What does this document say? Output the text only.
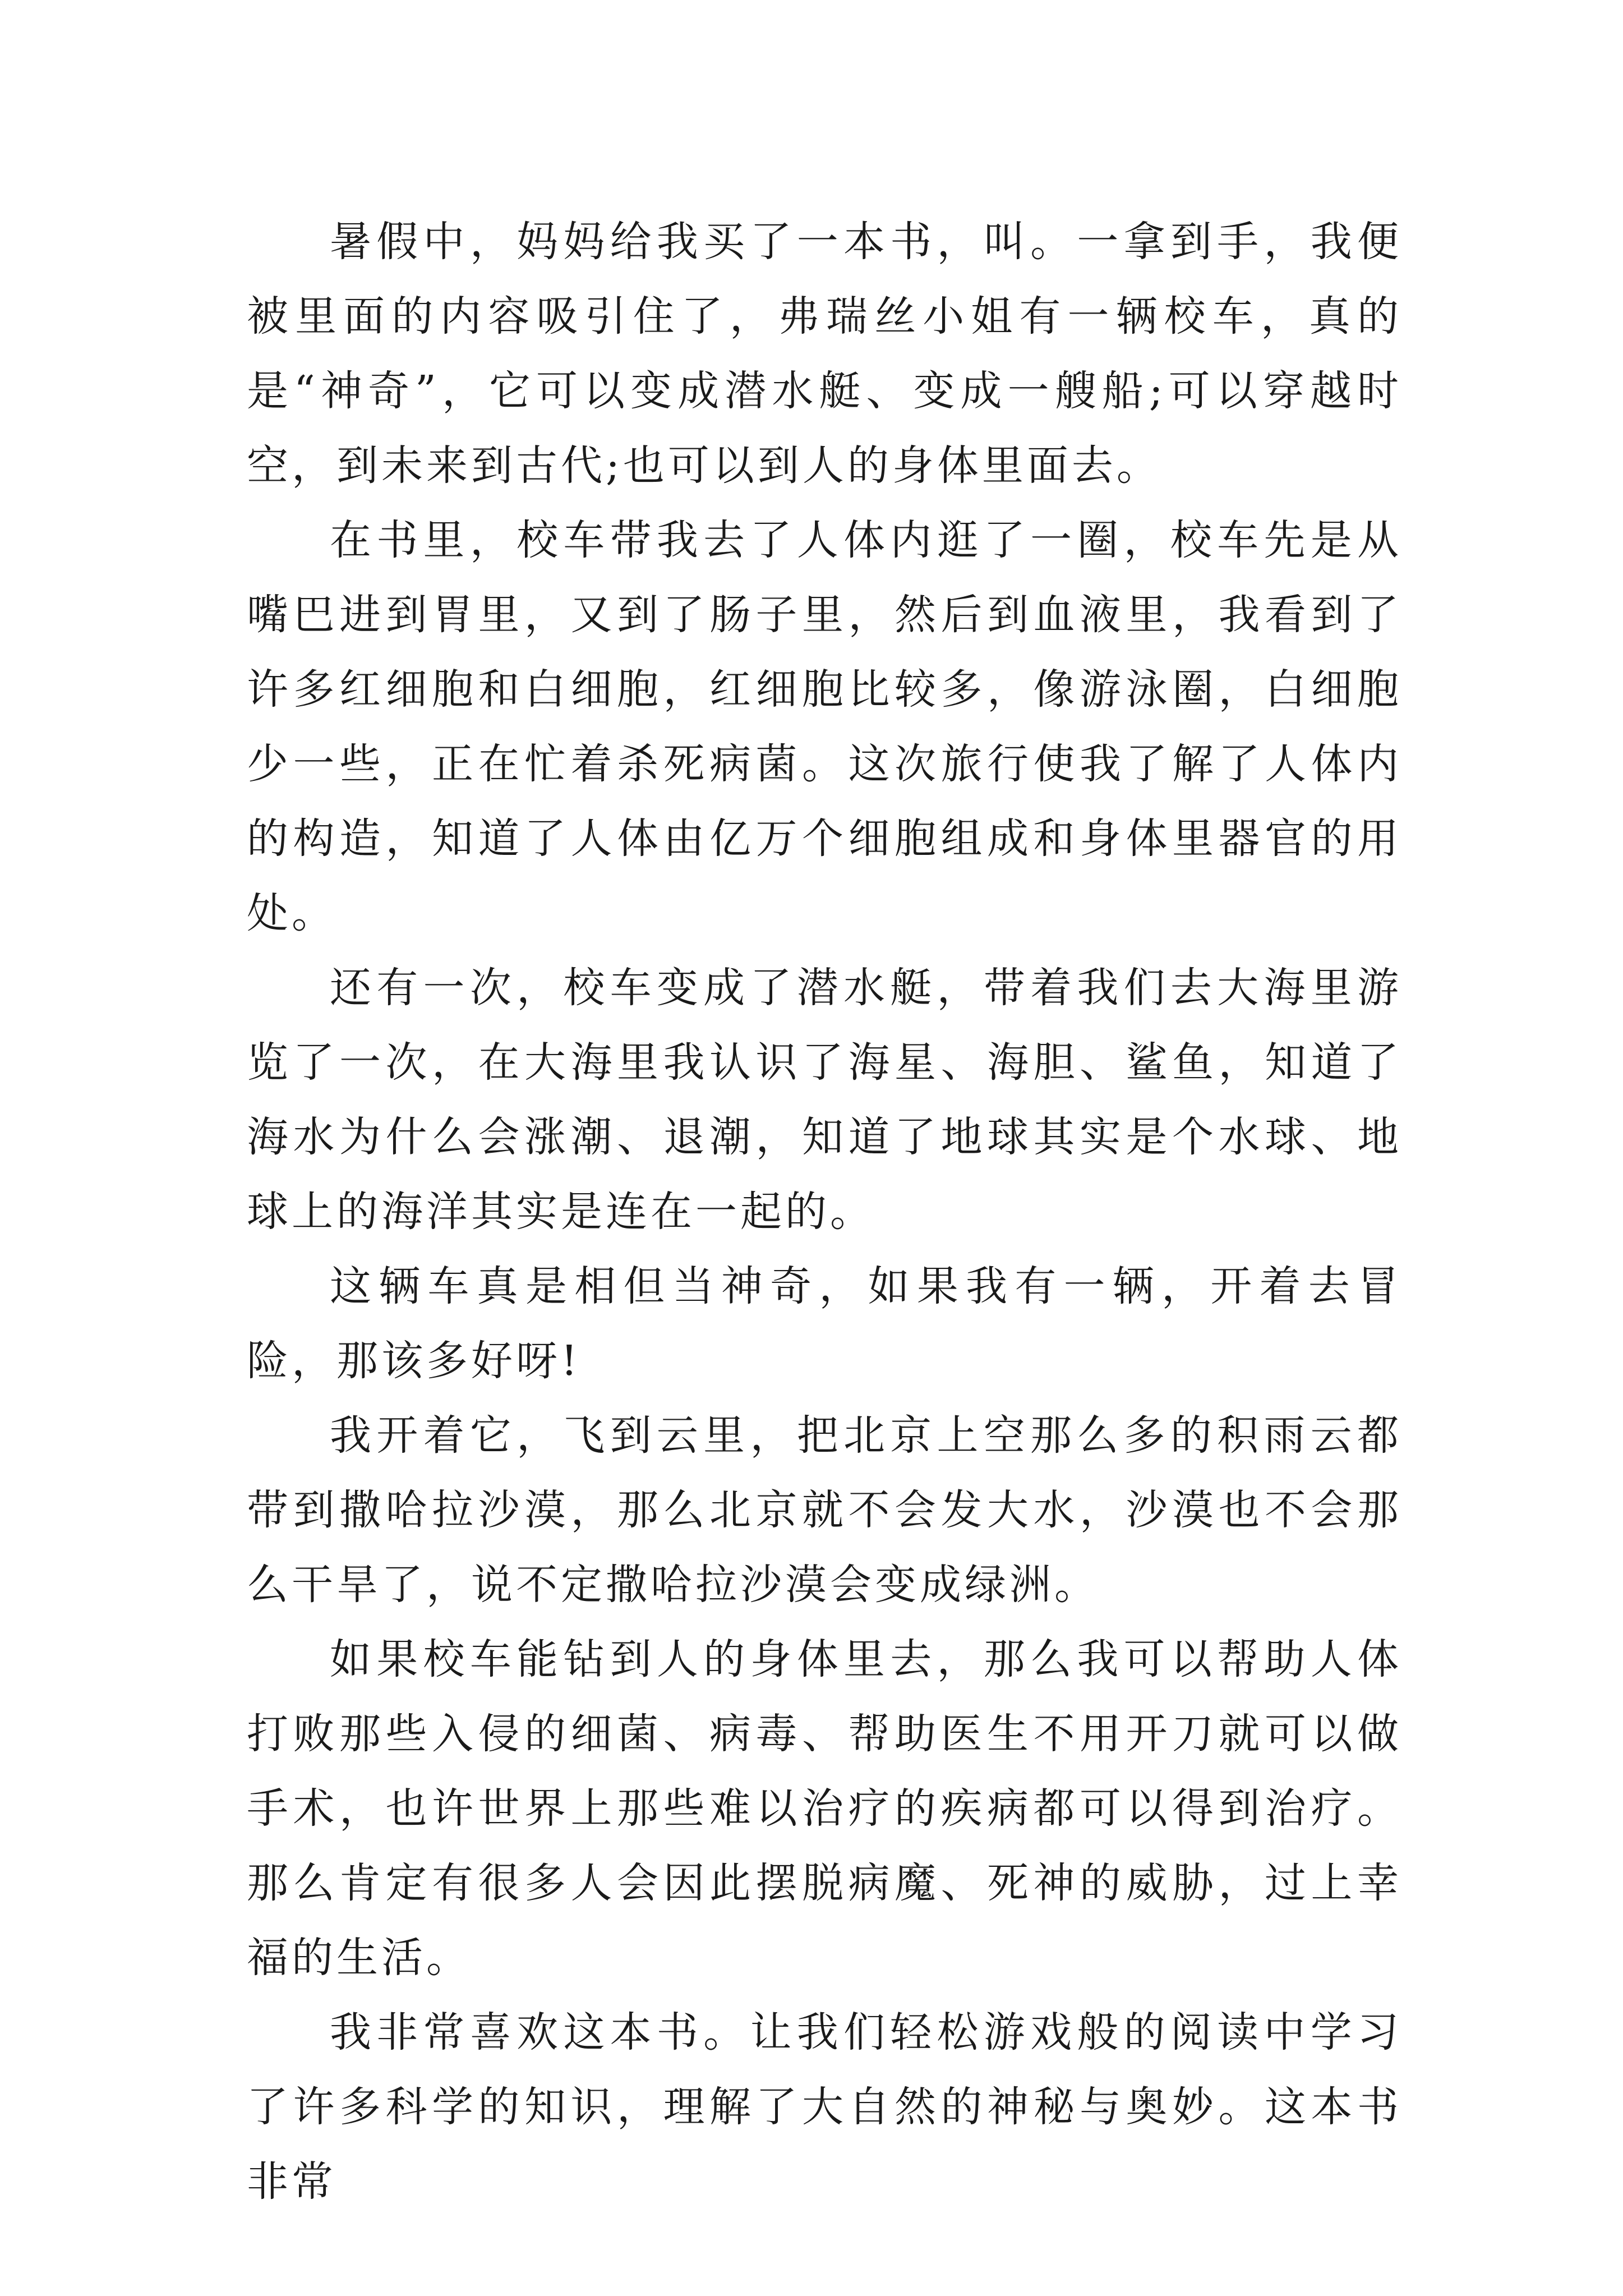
暑假中，妈妈给我买了一本书，叫。一拿到手，我便被里面的内容吸引住了，弗瑞丝小姐有一辆校车，真的是“神奇”，它可以变成潜水艇、变成一艘船;可以穿越时空，到未来到古代;也可以到人的身体里面去。

在书里，校车带我去了人体内逛了一圈，校车先是从嘴巴进到胃里，又到了肠子里，然后到血液里，我看到了许多红细胞和白细胞，红细胞比较多，像游泳圈，白细胞少一些，正在忙着杀死病菌。这次旅行使我了解了人体内的构造，知道了人体由亿万个细胞组成和身体里器官的用处。

还有一次，校车变成了潜水艇，带着我们去大海里游览了一次，在大海里我认识了海星、海胆、鲨鱼，知道了海水为什么会涨潮、退潮，知道了地球其实是个水球、地球上的海洋其实是连在一起的。

这辆车真是相但当神奇，如果我有一辆，开着去冒险，那该多好呀!

我开着它，飞到云里，把北京上空那么多的积雨云都带到撒哈拉沙漠，那么北京就不会发大水，沙漠也不会那么干旱了，说不定撒哈拉沙漠会变成绿洲。

如果校车能钻到人的身体里去，那么我可以帮助人体打败那些入侵的细菌、病毒、帮助医生不用开刀就可以做手术，也许世界上那些难以治疗的疾病都可以得到治疗。那么肯定有很多人会因此摆脱病魔、死神的威胁，过上幸福的生活。

我非常喜欢这本书。让我们轻松游戏般的阅读中学习了许多科学的知识，理解了大自然的神秘与奥妙。这本书非常
